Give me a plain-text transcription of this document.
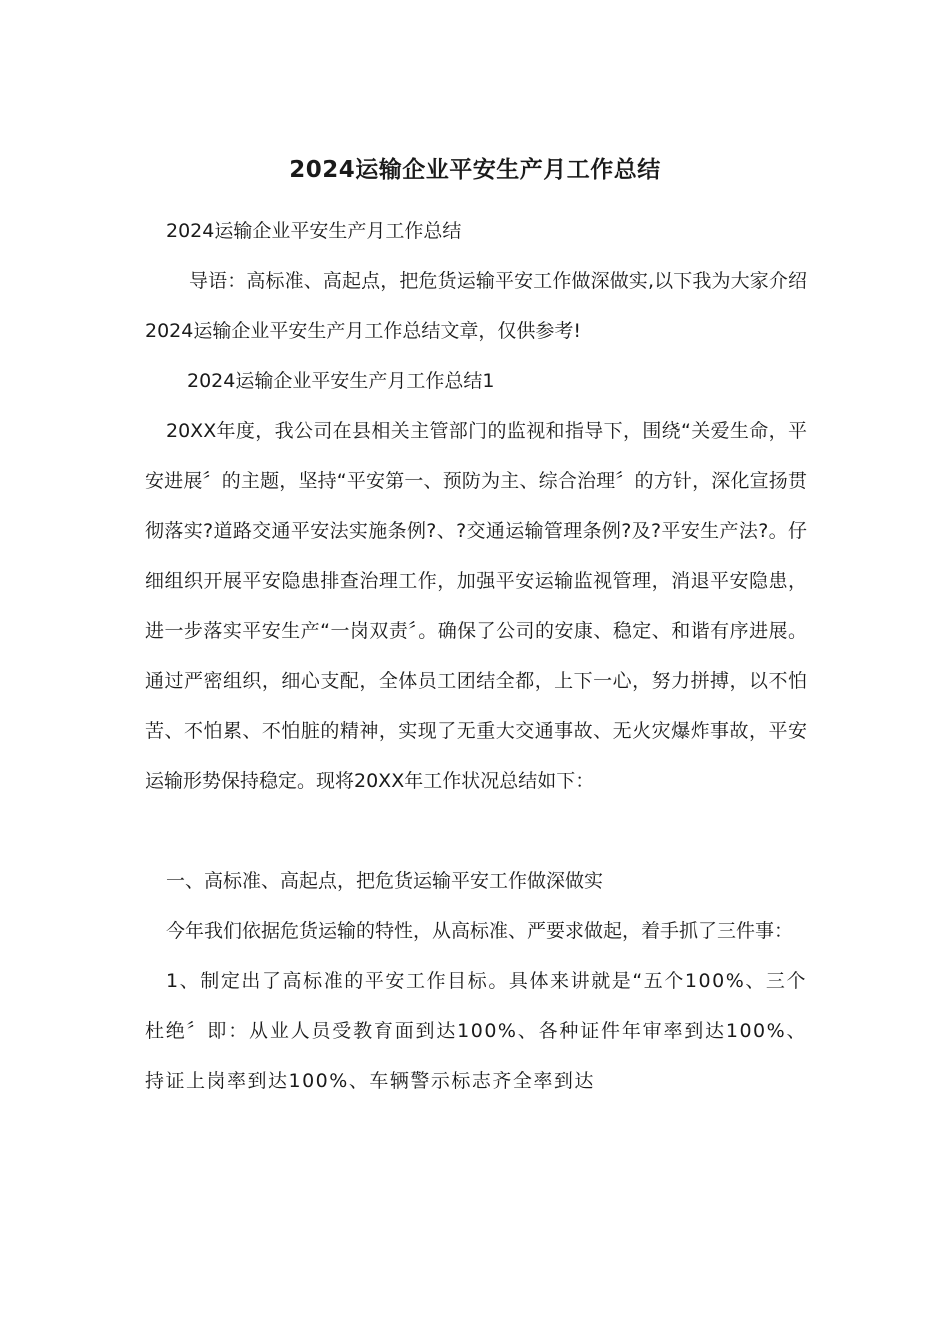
2024运输企业平安生产月工作总结

2024运输企业平安生产月工作总结

导语：高标准、高起点，把危货运输平安工作做深做实,以下我为大家介绍2024运输企业平安生产月工作总结文章，仅供参考!

2024运输企业平安生产月工作总结1

20XX年度，我公司在县相关主管部门的监视和指导下，围绕“关爱生命，平安进展〞的主题，坚持“平安第一、预防为主、综合治理〞的方针，深化宣扬贯彻落实?道路交通平安法实施条例?、?交通运输管理条例?及?平安生产法?。仔细组织开展平安隐患排查治理工作，加强平安运输监视管理，消退平安隐患，进一步落实平安生产“一岗双责〞。确保了公司的安康、稳定、和谐有序进展。通过严密组织，细心支配，全体员工团结全都，上下一心，努力拼搏，以不怕苦、不怕累、不怕脏的精神，实现了无重大交通事故、无火灾爆炸事故，平安运输形势保持稳定。现将20XX年工作状况总结如下：

一、高标准、高起点，把危货运输平安工作做深做实

今年我们依据危货运输的特性，从高标准、严要求做起，着手抓了三件事：

1、制定出了高标准的平安工作目标。具体来讲就是“五个100%、三个杜绝〞即：从业人员受教育面到达100%、各种证件年审率到达100%、持证上岗率到达100%、车辆警示标志齐全率到达
